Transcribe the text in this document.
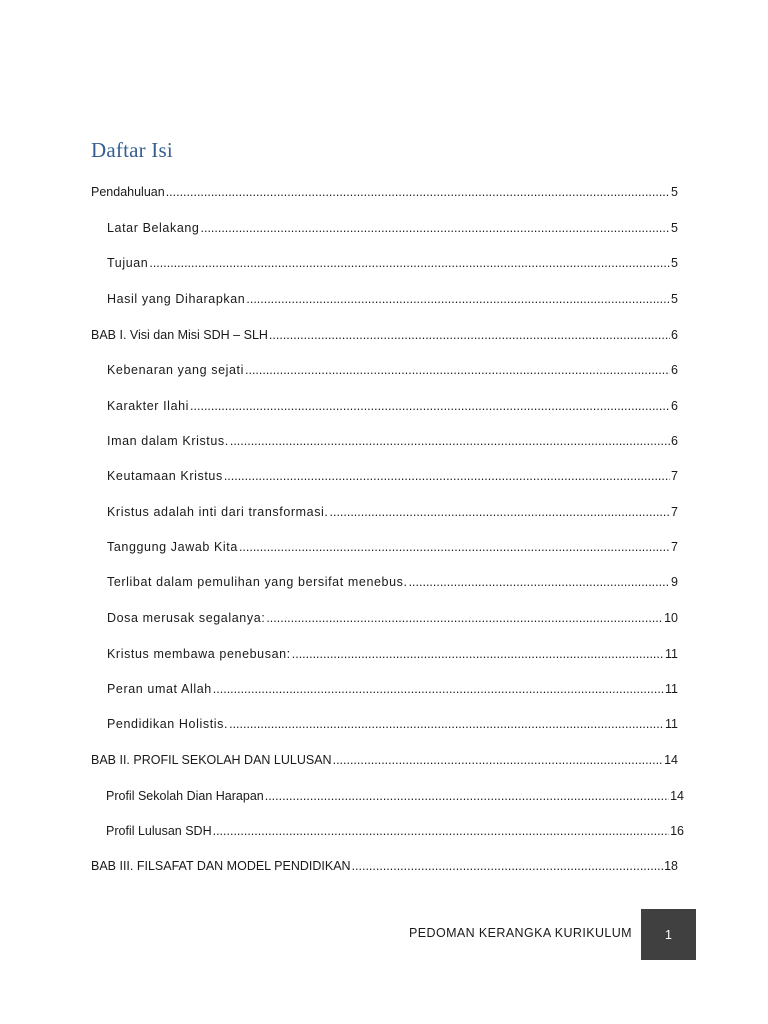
Daftar Isi
Pendahuluan .....	5
Latar Belakang .....	5
Tujuan .....	5
Hasil yang Diharapkan .....	5
BAB I. Visi dan Misi SDH – SLH .....	6
Kebenaran yang sejati .....	6
Karakter Ilahi .....	6
Iman dalam Kristus. .....	6
Keutamaan Kristus .....	7
Kristus adalah inti dari transformasi. .....	7
Tanggung Jawab Kita .....	7
Terlibat dalam pemulihan yang bersifat menebus. .....	9
Dosa merusak segalanya: .....	10
Kristus membawa penebusan: .....	11
Peran umat Allah .....	11
Pendidikan Holistis. .....	11
BAB II. PROFIL SEKOLAH DAN LULUSAN .....	14
Profil Sekolah Dian Harapan .....	14
Profil Lulusan SDH .....	16
BAB III. FILSAFAT DAN MODEL PENDIDIKAN .....	18
PEDOMAN KERANGKA KURIKULUM	1
